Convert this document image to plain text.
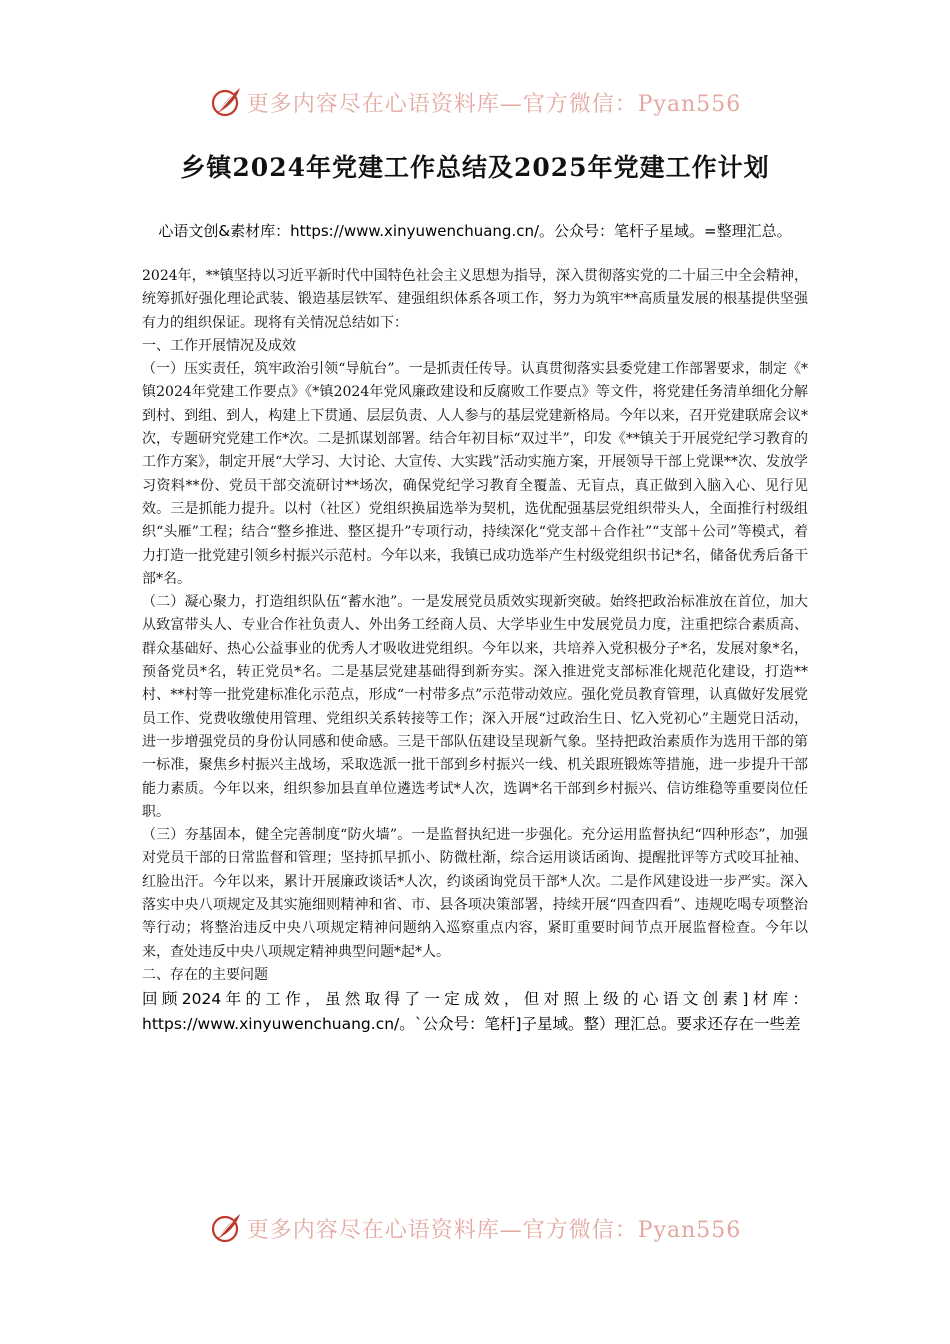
更多内容尽在心语资料库—官方微信：Pyan556
乡镇2024年党建工作总结及2025年党建工作计划
心语文创&素材库：https://www.xinyuwenchuang.cn/。公众号：笔杆子星域。=整理汇总。

2024年，**镇坚持以习近平新时代中国特色社会主义思想为指导，深入贯彻落实党的二十届三中全会精神，统筹抓好强化理论武装、锻造基层铁军、建强组织体系各项工作，努力为筑牢**高质量发展的根基提供坚强有力的组织保证。现将有关情况总结如下：

一、工作开展情况及成效

（一）压实责任，筑牢政治引领“导航台”。一是抓责任传导。认真贯彻落实县委党建工作部署要求，制定《*镇2024年党建工作要点》《*镇2024年党风廉政建设和反腐败工作要点》等文件，将党建任务清单细化分解到村、到组、到人，构建上下贯通、层层负责、人人参与的基层党建新格局。今年以来，召开党建联席会议*次，专题研究党建工作*次。二是抓谋划部署。结合年初目标“双过半”，印发《**镇关于开展党纪学习教育的工作方案》，制定开展“大学习、大讨论、大宣传、大实践”活动实施方案，开展领导干部上党课**次、发放学习资料**份、党员干部交流研讨**场次，确保党纪学习教育全覆盖、无盲点，真正做到入脑入心、见行见效。三是抓能力提升。以村（社区）党组织换届选举为契机，选优配强基层党组织带头人，全面推行村级组织“头雁”工程；结合“整乡推进、整区提升”专项行动，持续深化“党支部＋合作社”“支部＋公司”等模式，着力打造一批党建引领乡村振兴示范村。今年以来，我镇已成功选举产生村级党组织书记*名，储备优秀后备干部*名。

（二）凝心聚力，打造组织队伍“蓄水池”。一是发展党员质效实现新突破。始终把政治标准放在首位，加大从致富带头人、专业合作社负责人、外出务工经商人员、大学毕业生中发展党员力度，注重把综合素质高、群众基础好、热心公益事业的优秀人才吸收进党组织。今年以来，共培养入党积极分子*名，发展对象*名，预备党员*名，转正党员*名。二是基层党建基础得到新夯实。深入推进党支部标准化规范化建设，打造**村、**村等一批党建标准化示范点，形成“一村带多点”示范带动效应。强化党员教育管理，认真做好发展党员工作、党费收缴使用管理、党组织关系转接等工作；深入开展“过政治生日、忆入党初心”主题党日活动，进一步增强党员的身份认同感和使命感。三是干部队伍建设呈现新气象。坚持把政治素质作为选用干部的第一标准，聚焦乡村振兴主战场，采取选派一批干部到乡村振兴一线、机关跟班锻炼等措施，进一步提升干部能力素质。今年以来，组织参加县直单位遴选考试*人次，选调*名干部到乡村振兴、信访维稳等重要岗位任职。

（三）夯基固本，健全完善制度“防火墙”。一是监督执纪进一步强化。充分运用监督执纪“四种形态”，加强对党员干部的日常监督和管理；坚持抓早抓小、防微杜渐，综合运用谈话函询、提醒批评等方式咬耳扯袖、红脸出汗。今年以来，累计开展廉政谈话*人次，约谈函询党员干部*人次。二是作风建设进一步严实。深入落实中央八项规定及其实施细则精神和省、市、县各项决策部署，持续开展“四查四看”、违规吃喝专项整治等行动；将整治违反中央八项规定精神问题纳入巡察重点内容，紧盯重要时间节点开展监督检查。今年以来，查处违反中央八项规定精神典型问题*起*人。

二、存在的主要问题

回顾2024年的工作，虽然取得了一定成效，但对照上级的心语文创素]材库：https://www.xinyuwenchuang.cn/。`公众号：笔杆]子星域。整）理汇总。要求还存在一些差

更多内容尽在心语资料库—官方微信：Pyan556
